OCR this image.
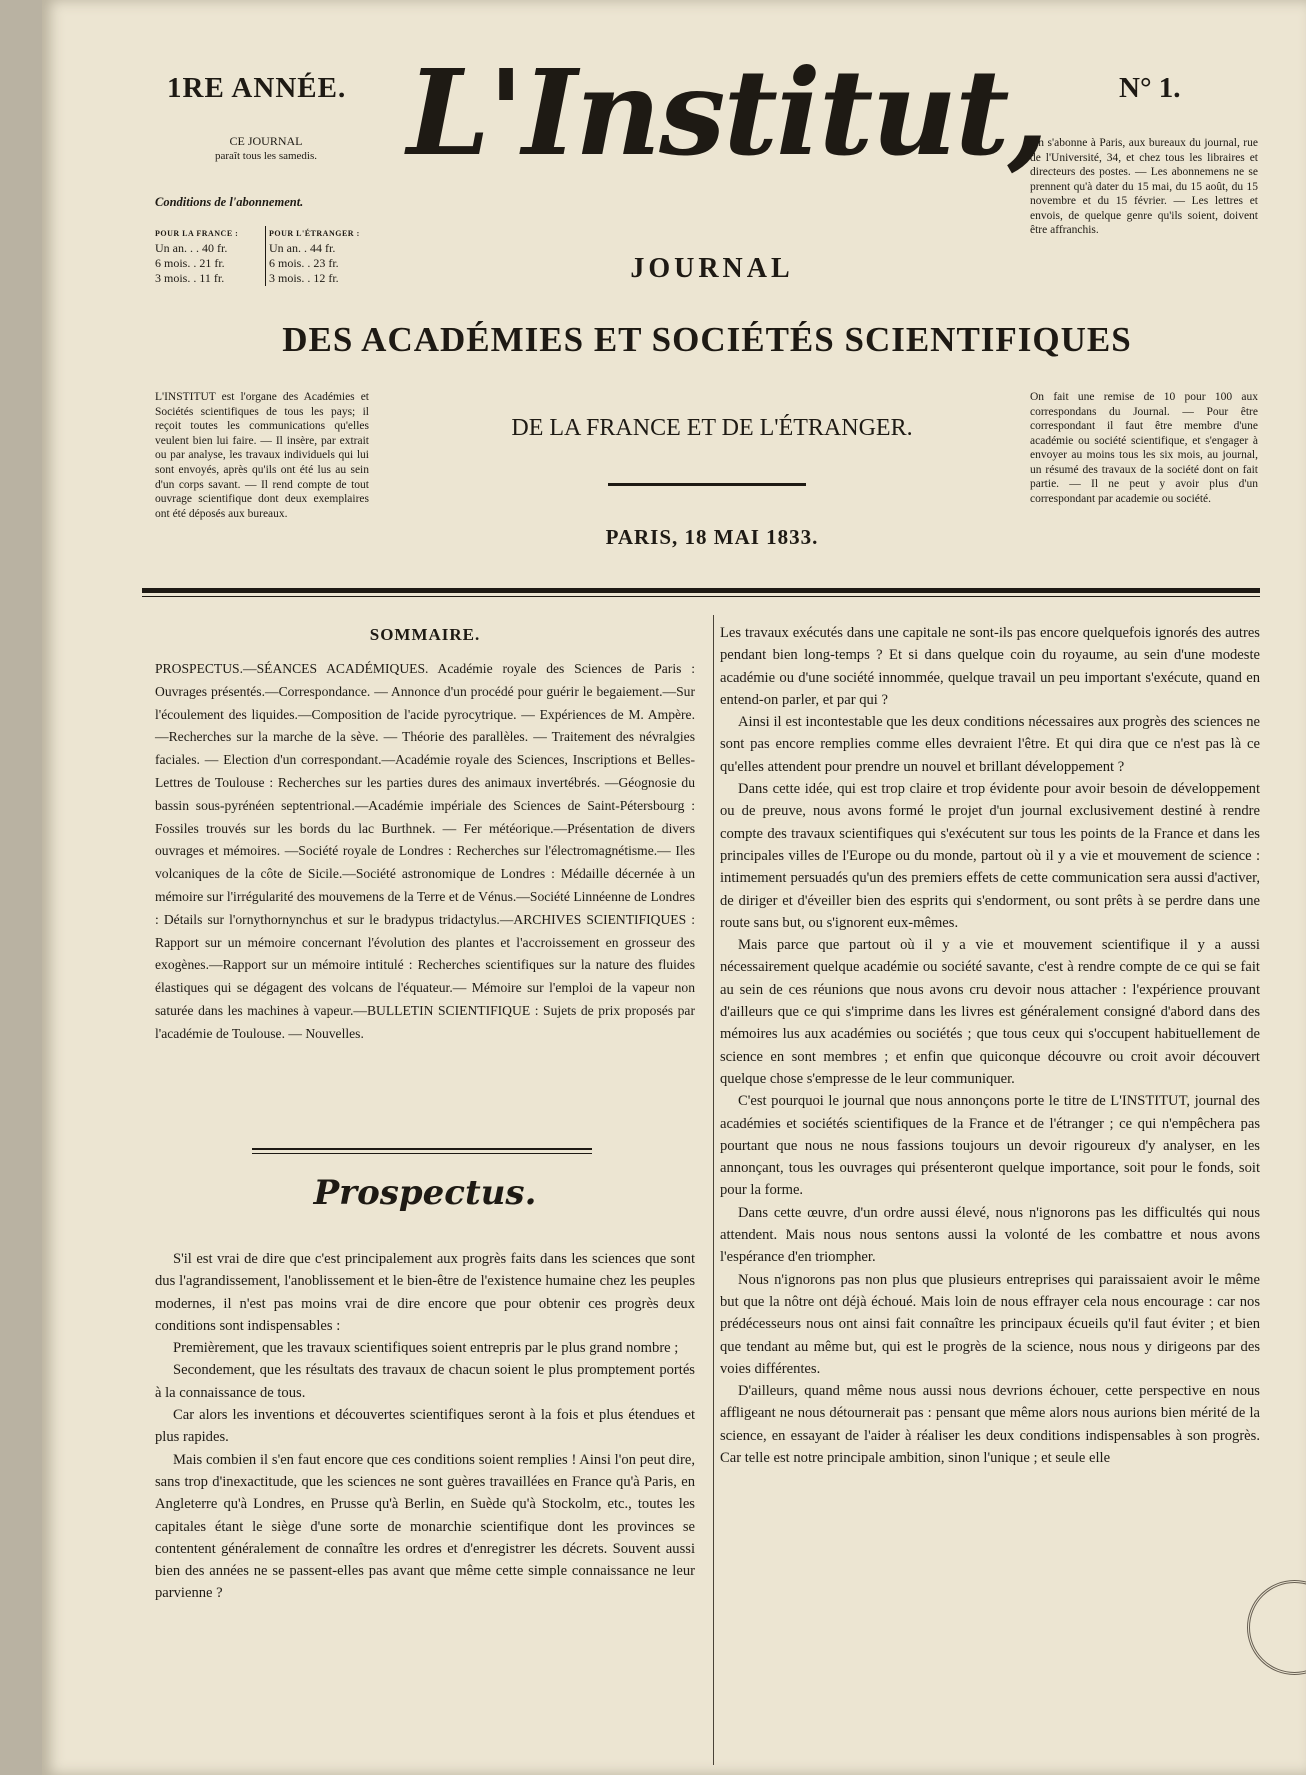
1RE ANNÉE.	N° 1.
L'Institut,
JOURNAL
DES ACADÉMIES ET SOCIÉTÉS SCIENTIFIQUES
DE LA FRANCE ET DE L'ÉTRANGER.
PARIS, 18 MAI 1833.
CE JOURNAL
paraît tous les samedis.
Conditions de l'abonnement.
POUR LA FRANCE :
Un an. . . 40 fr.
6 mois. . 21 fr.
3 mois. . 11 fr.
POUR L'ÉTRANGER :
Un an. . 44 fr.
6 mois. . 23 fr.
3 mois. . 12 fr.
L'INSTITUT est l'organe des Académies et Sociétés scientifiques de tous les pays; il reçoit toutes les communications qu'elles veulent bien lui faire. — Il insère, par extrait ou par analyse, les travaux individuels qui lui sont envoyés, après qu'ils ont été lus au sein d'un corps savant. — Il rend compte de tout ouvrage scientifique dont deux exemplaires ont été déposés aux bureaux.
On s'abonne à Paris, aux bureaux du journal, rue de l'Université, 34, et chez tous les libraires et directeurs des postes. — Les abonnemens ne se prennent qu'à dater du 15 mai, du 15 août, du 15 novembre et du 15 février. — Les lettres et envois, de quelque genre qu'ils soient, doivent être affranchis.
On fait une remise de 10 pour 100 aux correspondans du Journal. — Pour être correspondant il faut être membre d'une académie ou société scientifique, et s'engager à envoyer au moins tous les six mois, au journal, un résumé des travaux de la société dont on fait partie. — Il ne peut y avoir plus d'un correspondant par academie ou société.
SOMMAIRE.

PROSPECTUS.—SÉANCES ACADÉMIQUES. Académie royale des Sciences de Paris : Ouvrages présentés.—Correspondance. — Annonce d'un procédé pour guérir le begaiement.—Sur l'écoulement des liquides.—Composition de l'acide pyrocytrique. — Expériences de M. Ampère. —Recherches sur la marche de la sève. — Théorie des parallèles. — Traitement des névralgies faciales. — Election d'un correspondant.—Académie royale des Sciences, Inscriptions et Belles-Lettres de Toulouse : Recherches sur les parties dures des animaux invertébrés. —Géognosie du bassin sous-pyrénéen septentrional.—Académie impériale des Sciences de Saint-Pétersbourg : Fossiles trouvés sur les bords du lac Burthnek. — Fer météorique.—Présentation de divers ouvrages et mémoires. —Société royale de Londres : Recherches sur l'électromagnétisme.— Iles volcaniques de la côte de Sicile.—Société astronomique de Londres : Médaille décernée à un mémoire sur l'irrégularité des mouvemens de la Terre et de Vénus.—Société Linnéenne de Londres : Détails sur l'ornythornynchus et sur le bradypus tridactylus.—ARCHIVES SCIENTIFIQUES : Rapport sur un mémoire concernant l'évolution des plantes et l'accroissement en grosseur des exogènes.—Rapport sur un mémoire intitulé : Recherches scientifiques sur la nature des fluides élastiques qui se dégagent des volcans de l'équateur.— Mémoire sur l'emploi de la vapeur non saturée dans les machines à vapeur.—BULLETIN SCIENTIFIQUE : Sujets de prix proposés par l'académie de Toulouse. — Nouvelles.

Prospectus.

S'il est vrai de dire que c'est principalement aux progrès faits dans les sciences que sont dus l'agrandissement, l'anoblissement et le bien-être de l'existence humaine chez les peuples modernes, il n'est pas moins vrai de dire encore que pour obtenir ces progrès deux conditions sont indispensables :

Premièrement, que les travaux scientifiques soient entrepris par le plus grand nombre ;

Secondement, que les résultats des travaux de chacun soient le plus promptement portés à la connaissance de tous.

Car alors les inventions et découvertes scientifiques seront à la fois et plus étendues et plus rapides.

Mais combien il s'en faut encore que ces conditions soient remplies ! Ainsi l'on peut dire, sans trop d'inexactitude, que les sciences ne sont guères travaillées en France qu'à Paris, en Angleterre qu'à Londres, en Prusse qu'à Berlin, en Suède qu'à Stockolm, etc., toutes les capitales étant le siège d'une sorte de monarchie scientifique dont les provinces se contentent généralement de connaître les ordres et d'enregistrer les décrets. Souvent aussi bien des années ne se passent-elles pas avant que même cette simple connaissance ne leur parvienne ?

Les travaux exécutés dans une capitale ne sont-ils pas encore quelquefois ignorés des autres pendant bien long-temps ? Et si dans quelque coin du royaume, au sein d'une modeste académie ou d'une société innommée, quelque travail un peu important s'exécute, quand en entend-on parler, et par qui ?

Ainsi il est incontestable que les deux conditions nécessaires aux progrès des sciences ne sont pas encore remplies comme elles devraient l'être. Et qui dira que ce n'est pas là ce qu'elles attendent pour prendre un nouvel et brillant développement ?

Dans cette idée, qui est trop claire et trop évidente pour avoir besoin de développement ou de preuve, nous avons formé le projet d'un journal exclusivement destiné à rendre compte des travaux scientifiques qui s'exécutent sur tous les points de la France et dans les principales villes de l'Europe ou du monde, partout où il y a vie et mouvement de science : intimement persuadés qu'un des premiers effets de cette communication sera aussi d'activer, de diriger et d'éveiller bien des esprits qui s'endorment, ou sont prêts à se perdre dans une route sans but, ou s'ignorent eux-mêmes.

Mais parce que partout où il y a vie et mouvement scientifique il y a aussi nécessairement quelque académie ou société savante, c'est à rendre compte de ce qui se fait au sein de ces réunions que nous avons cru devoir nous attacher : l'expérience prouvant d'ailleurs que ce qui s'imprime dans les livres est généralement consigné d'abord dans des mémoires lus aux académies ou sociétés ; que tous ceux qui s'occupent habituellement de science en sont membres ; et enfin que quiconque découvre ou croit avoir découvert quelque chose s'empresse de le leur communiquer.

C'est pourquoi le journal que nous annonçons porte le titre de L'INSTITUT, journal des académies et sociétés scientifiques de la France et de l'étranger ; ce qui n'empêchera pas pourtant que nous ne nous fassions toujours un devoir rigoureux d'y analyser, en les annonçant, tous les ouvrages qui présenteront quelque importance, soit pour le fonds, soit pour la forme.

Dans cette œuvre, d'un ordre aussi élevé, nous n'ignorons pas les difficultés qui nous attendent. Mais nous nous sentons aussi la volonté de les combattre et nous avons l'espérance d'en triompher.

Nous n'ignorons pas non plus que plusieurs entreprises qui paraissaient avoir le même but que la nôtre ont déjà échoué. Mais loin de nous effrayer cela nous encourage : car nos prédécesseurs nous ont ainsi fait connaître les principaux écueils qu'il faut éviter ; et bien que tendant au même but, qui est le progrès de la science, nous nous y dirigeons par des voies différentes.

D'ailleurs, quand même nous aussi nous devrions échouer, cette perspective en nous affligeant ne nous détournerait pas : pensant que même alors nous aurions bien mérité de la science, en essayant de l'aider à réaliser les deux conditions indispensables à son progrès. Car telle est notre principale ambition, sinon l'unique ; et seule elle
